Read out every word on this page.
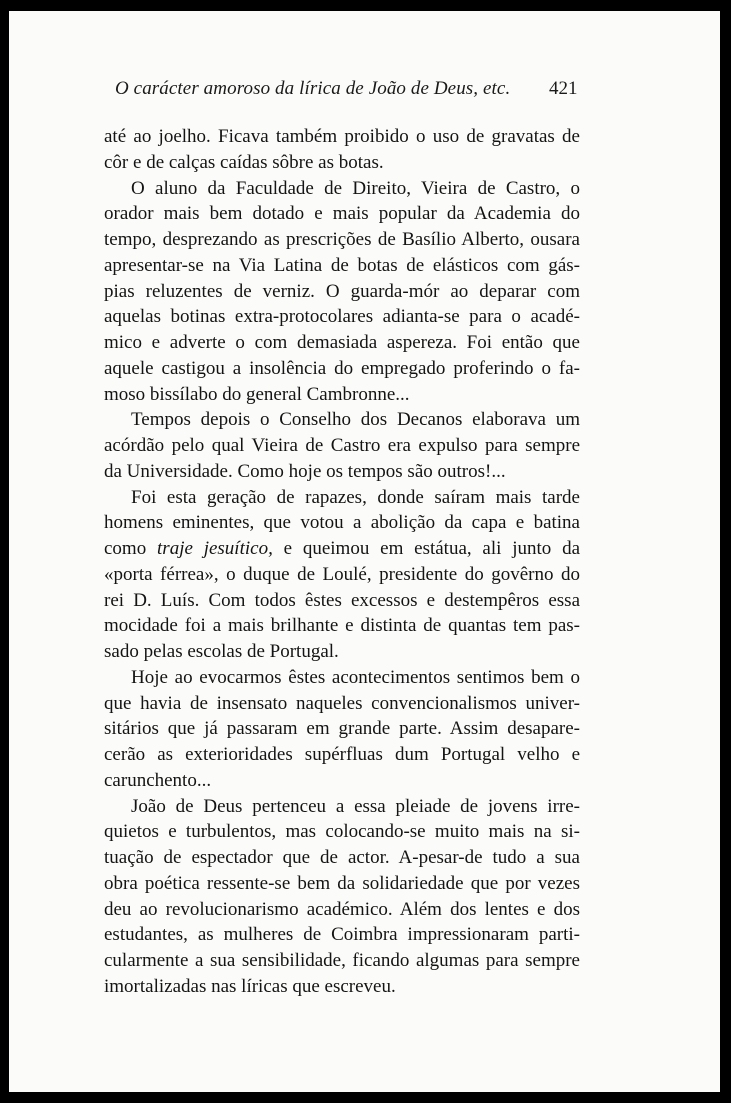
O carácter amoroso da lírica de João de Deus, etc. 421
até ao joelho. Ficava também proibido o uso de gravatas de
côr e de calças caídas sôbre as botas.
O aluno da Faculdade de Direito, Vieira de Castro, o
orador mais bem dotado e mais popular da Academia do
tempo, desprezando as prescrições de Basílio Alberto, ousara
apresentar-se na Via Latina de botas de elásticos com gás-
pias reluzentes de verniz. O guarda-mór ao deparar com
aquelas botinas extra-protocolares adianta-se para o acadé-
mico e adverte o com demasiada aspereza. Foi então que
aquele castigou a insolência do empregado proferindo o fa-
moso bissílabo do general Cambronne...
Tempos depois o Conselho dos Decanos elaborava um
acórdão pelo qual Vieira de Castro era expulso para sempre
da Universidade. Como hoje os tempos são outros!...
Foi esta geração de rapazes, donde saíram mais tarde
homens eminentes, que votou a abolição da capa e batina
como traje jesuítico, e queimou em estátua, ali junto da
«porta férrea», o duque de Loulé, presidente do govêrno do
rei D. Luís. Com todos êstes excessos e destempêros essa
mocidade foi a mais brilhante e distinta de quantas tem pas-
sado pelas escolas de Portugal.
Hoje ao evocarmos êstes acontecimentos sentimos bem o
que havia de insensato naqueles convencionalismos univer-
sitários que já passaram em grande parte. Assim desapare-
cerão as exterioridades supérfluas dum Portugal velho e
carunchento...
João de Deus pertenceu a essa pleiade de jovens irre-
quietos e turbulentos, mas colocando-se muito mais na si-
tuação de espectador que de actor. A-pesar-de tudo a sua
obra poética ressente-se bem da solidariedade que por vezes
deu ao revolucionarismo académico. Além dos lentes e dos
estudantes, as mulheres de Coimbra impressionaram parti-
cularmente a sua sensibilidade, ficando algumas para sempre
imortalizadas nas líricas que escreveu.
